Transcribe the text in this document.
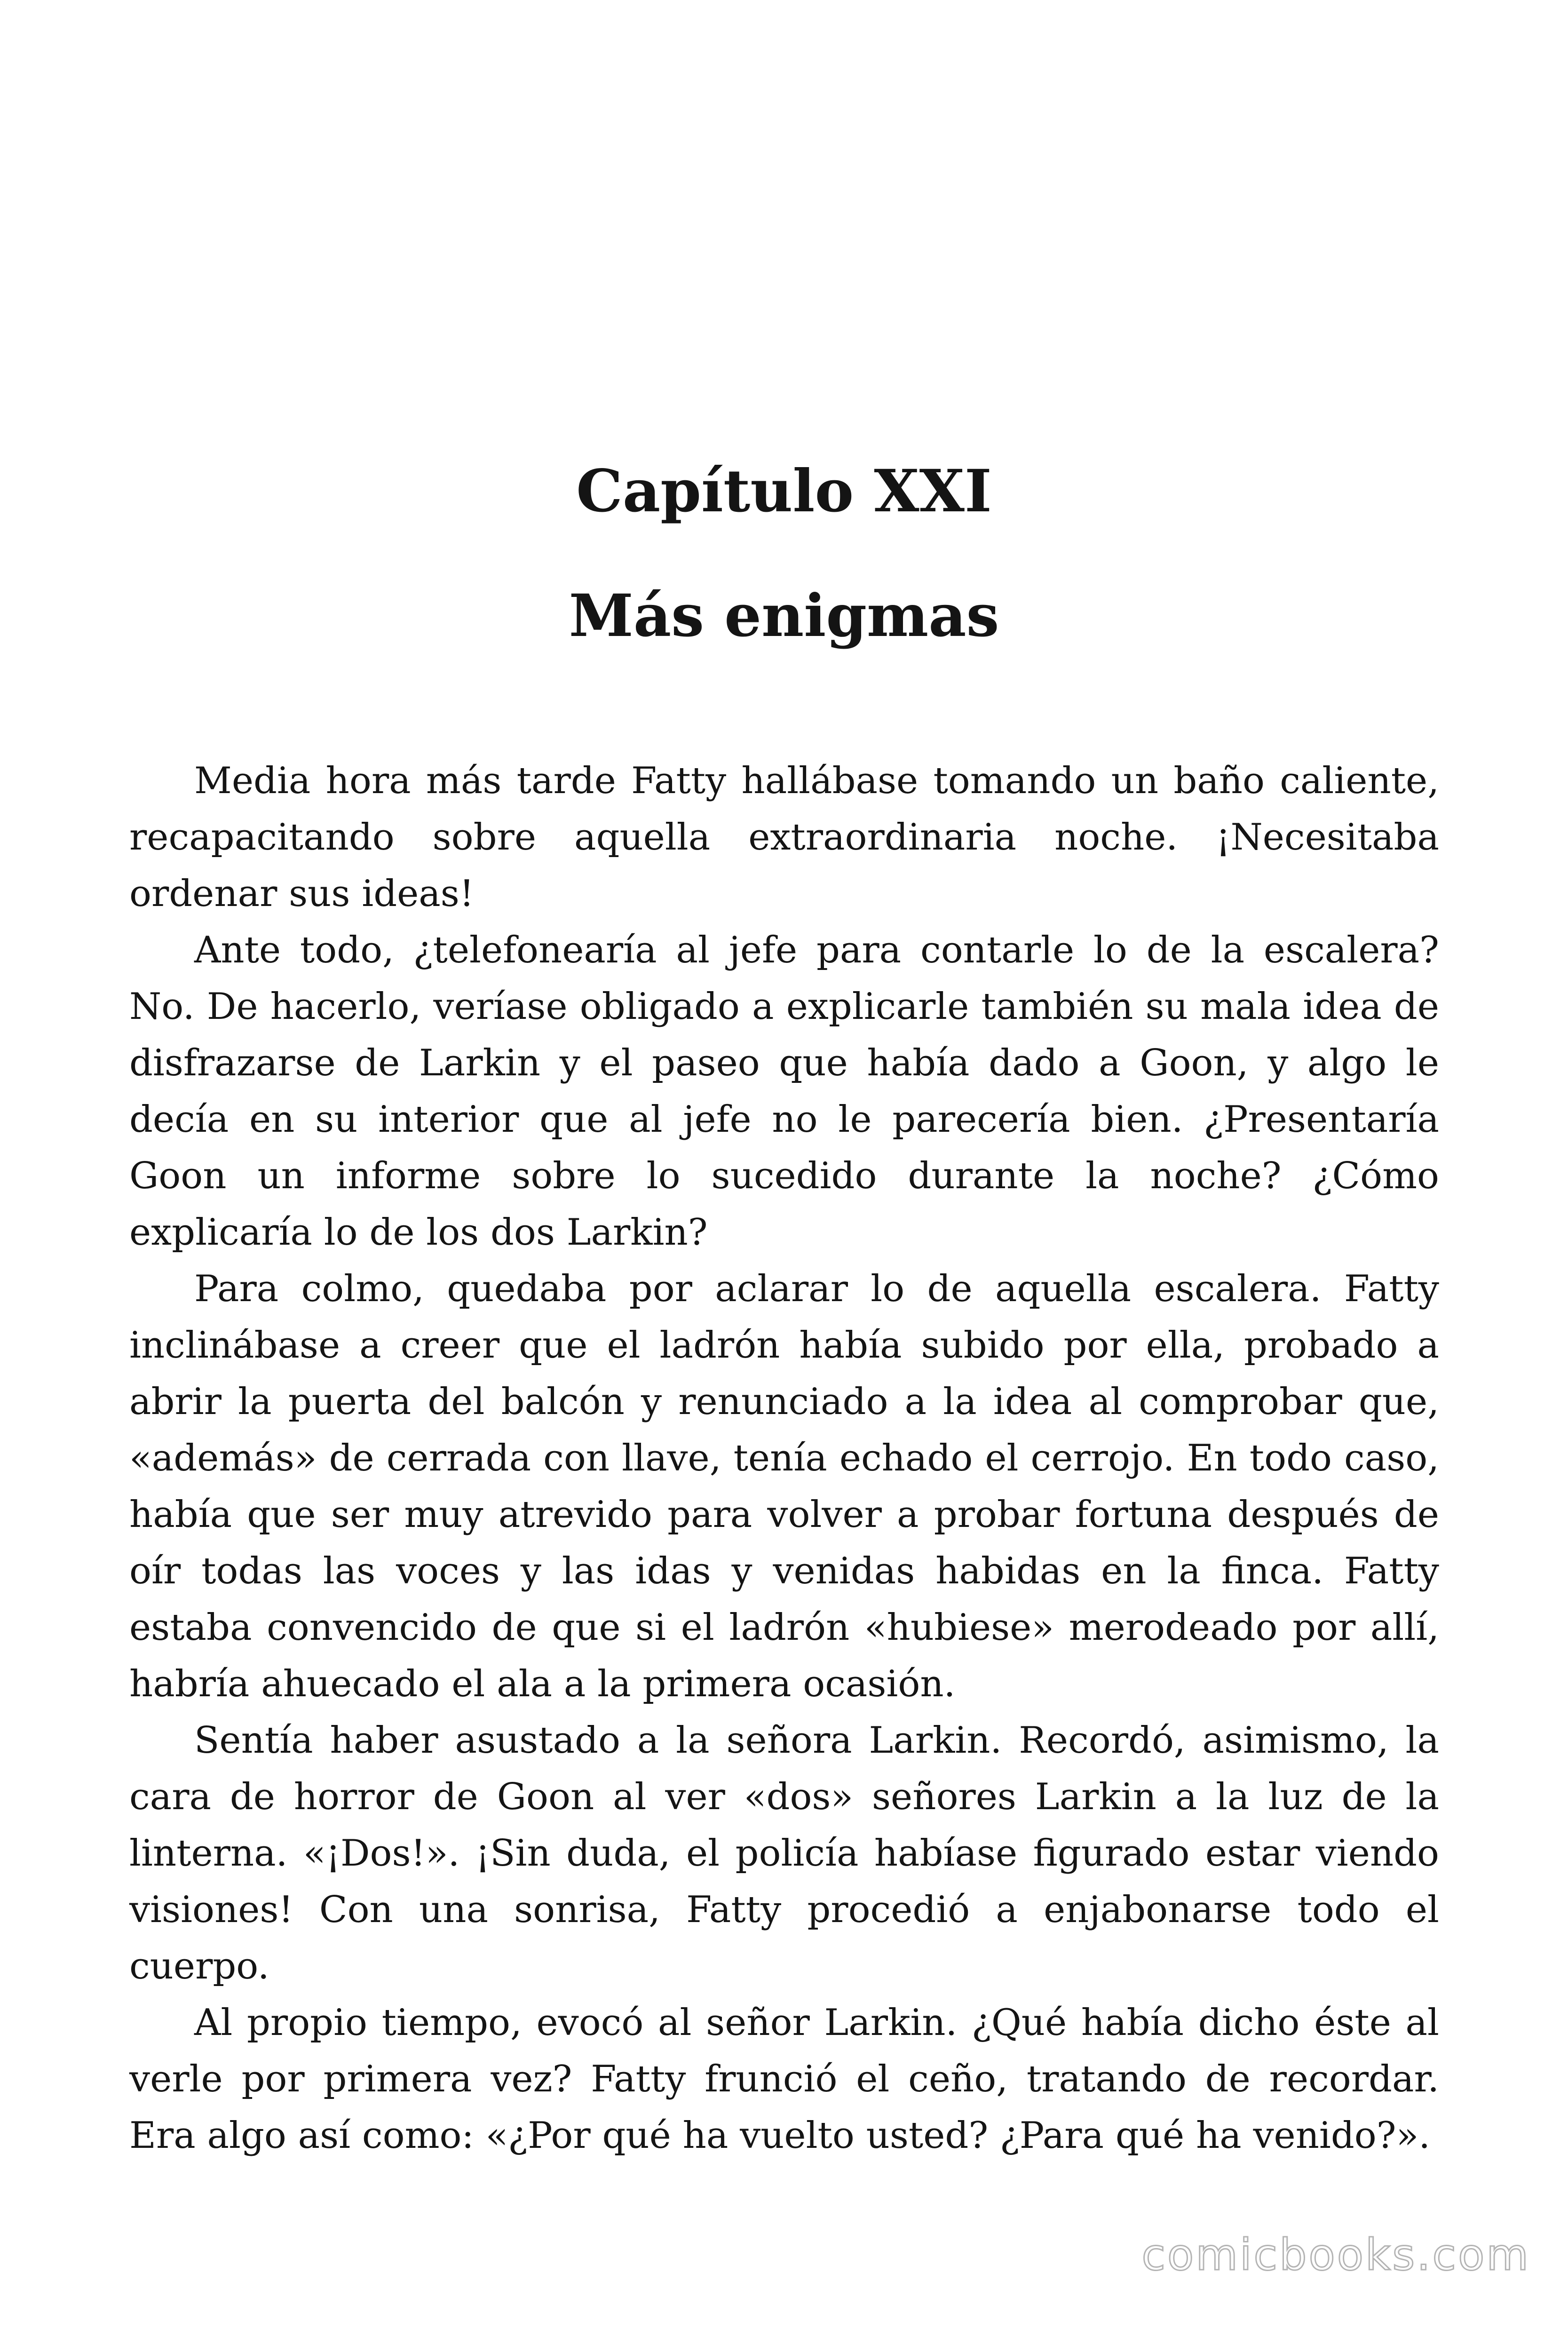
Capítulo XXI
Más enigmas

Media hora más tarde Fatty hallábase tomando un baño caliente, recapacitando sobre aquella extraordinaria noche. ¡Necesitaba ordenar sus ideas!

Ante todo, ¿telefonearía al jefe para contarle lo de la escalera? No. De hacerlo, veríase obligado a explicarle también su mala idea de disfrazarse de Larkin y el paseo que había dado a Goon, y algo le decía en su interior que al jefe no le parecería bien. ¿Presentaría Goon un informe sobre lo sucedido durante la noche? ¿Cómo explicaría lo de los dos Larkin?

Para colmo, quedaba por aclarar lo de aquella escalera. Fatty inclinábase a creer que el ladrón había subido por ella, probado a abrir la puerta del balcón y renunciado a la idea al comprobar que, «además» de cerrada con llave, tenía echado el cerrojo. En todo caso, había que ser muy atrevido para volver a probar fortuna después de oír todas las voces y las idas y venidas habidas en la finca. Fatty estaba convencido de que si el ladrón «hubiese» merodeado por allí, habría ahuecado el ala a la primera ocasión.

Sentía haber asustado a la señora Larkin. Recordó, asimismo, la cara de horror de Goon al ver «dos» señores Larkin a la luz de la linterna. «¡Dos!». ¡Sin duda, el policía habíase figurado estar viendo visiones! Con una sonrisa, Fatty procedió a enjabonarse todo el cuerpo.

Al propio tiempo, evocó al señor Larkin. ¿Qué había dicho éste al verle por primera vez? Fatty frunció el ceño, tratando de recordar. Era algo así como: «¿Por qué ha vuelto usted? ¿Para qué ha venido?».

comicbooks.com
